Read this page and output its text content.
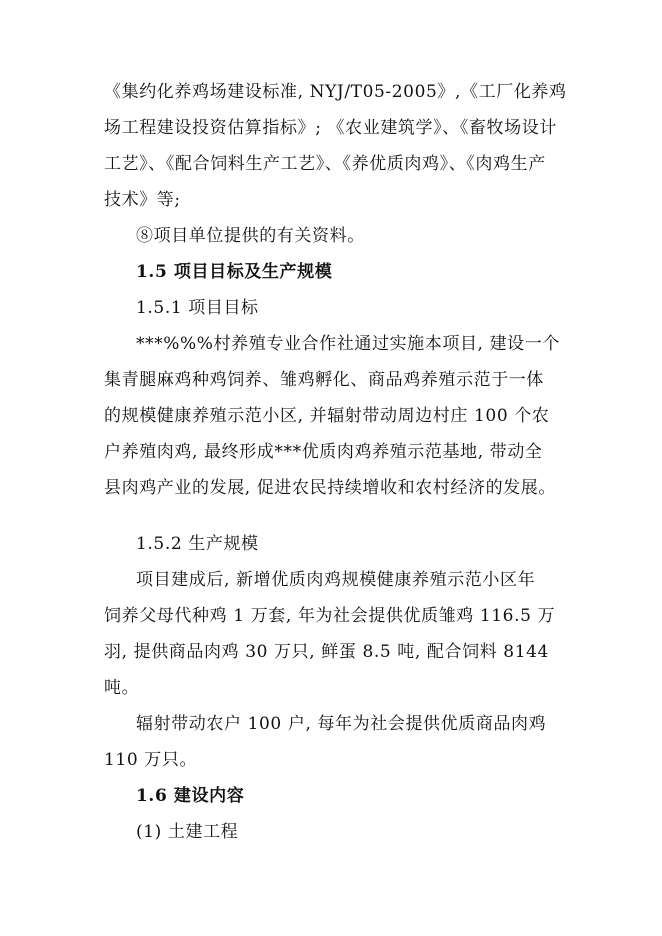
《集约化养鸡场建设标准, NYJ/T05-2005》,《工厂化养鸡
场工程建设投资估算指标》; 《农业建筑学》、《畜牧场设计
工艺》、《配合饲料生产工艺》、《养优质肉鸡》、《肉鸡生产
技术》等;
⑧项目单位提供的有关资料。
1.5 项目目标及生产规模
1.5.1 项目目标
***%%%村养殖专业合作社通过实施本项目, 建设一个
集青腿麻鸡种鸡饲养、雏鸡孵化、商品鸡养殖示范于一体
的规模健康养殖示范小区, 并辐射带动周边村庄 100 个农
户养殖肉鸡, 最终形成***优质肉鸡养殖示范基地, 带动全
县肉鸡产业的发展, 促进农民持续增收和农村经济的发展。
1.5.2 生产规模
项目建成后, 新增优质肉鸡规模健康养殖示范小区年
饲养父母代种鸡 1 万套, 年为社会提供优质雏鸡 116.5 万
羽, 提供商品肉鸡 30 万只, 鲜蛋 8.5 吨, 配合饲料 8144
吨。
辐射带动农户 100 户, 每年为社会提供优质商品肉鸡
110 万只。
1.6 建设内容
(1) 土建工程
